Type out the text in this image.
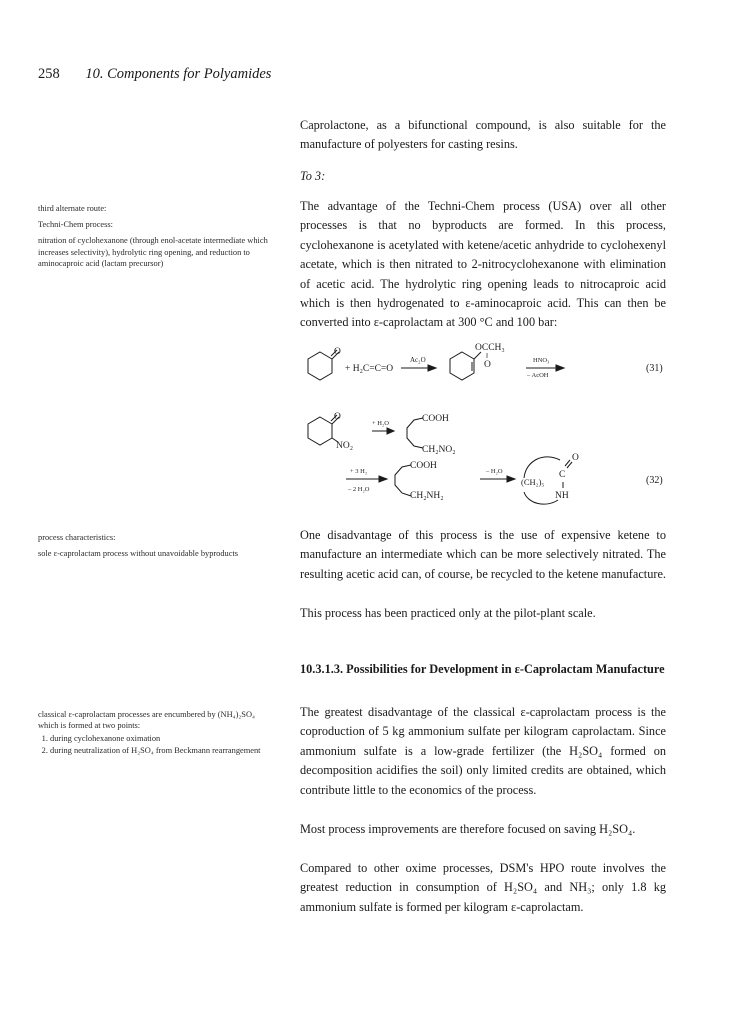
258 10. Components for Polyamides

Caprolactone, as a bifunctional compound, is also suitable for the manufacture of polyesters for casting resins.

To 3:

The advantage of the Techni-Chem process (USA) over all other processes is that no byproducts are formed. In this process, cyclohexanone is acetylated with ketene/acetic anhydride to cyclohexenyl acetate, which is then nitrated to 2-nitrocyclohexanone with elimination of acetic acid. The hydrolytic ring opening leads to nitrocaproic acid which is then hydrogenated to ε-aminocaproic acid. This can then be converted into ε-caprolactam at 300 °C and 100 bar:

third alternate route:

Techni-Chem process:

nitration of cyclohexanone (through enol-acetate intermediate which increases selectivity), hydrolytic ring opening, and reduction to aminocaproic acid (lactam precursor)

O
+ H₂C=C=O
Ac₂O
OCCH₃
‖
O	HNO₃
– AcOH
(31)
O
NO₂
+ H₂O	COOH
CH₂NO₂
+ 3 H₂
– 2 H₂O
COOH
CH₂NH₂
– H₂O
(CH₂)₅
C
O
NH
(32)

process characteristics:

sole ε-caprolactam process without unavoidable byproducts

One disadvantage of this process is the use of expensive ketene to manufacture an intermediate which can be more selectively nitrated. The resulting acetic acid can, of course, be recycled to the ketene manufacture.

This process has been practiced only at the pilot-plant scale.

10.3.1.3. Possibilities for Development in ε-Caprolactam Manufacture

classical ε-caprolactam processes are encumbered by (NH₄)₂SO₄ which is formed at two points:

1. during cyclohexanone oximation
2. during neutralization of H₂SO₄ from Beckmann rearrangement

The greatest disadvantage of the classical ε-caprolactam process is the coproduction of 5 kg ammonium sulfate per kilogram caprolactam. Since ammonium sulfate is a low-grade fertilizer (the H₂SO₄ formed on decomposition acidifies the soil) only limited credits are obtained, which contribute little to the economics of the process.

Most process improvements are therefore focused on saving H₂SO₄.

Compared to other oxime processes, DSM's HPO route involves the greatest reduction in consumption of H₂SO₄ and NH₃; only 1.8 kg ammonium sulfate is formed per kilogram ε-caprolactam.
